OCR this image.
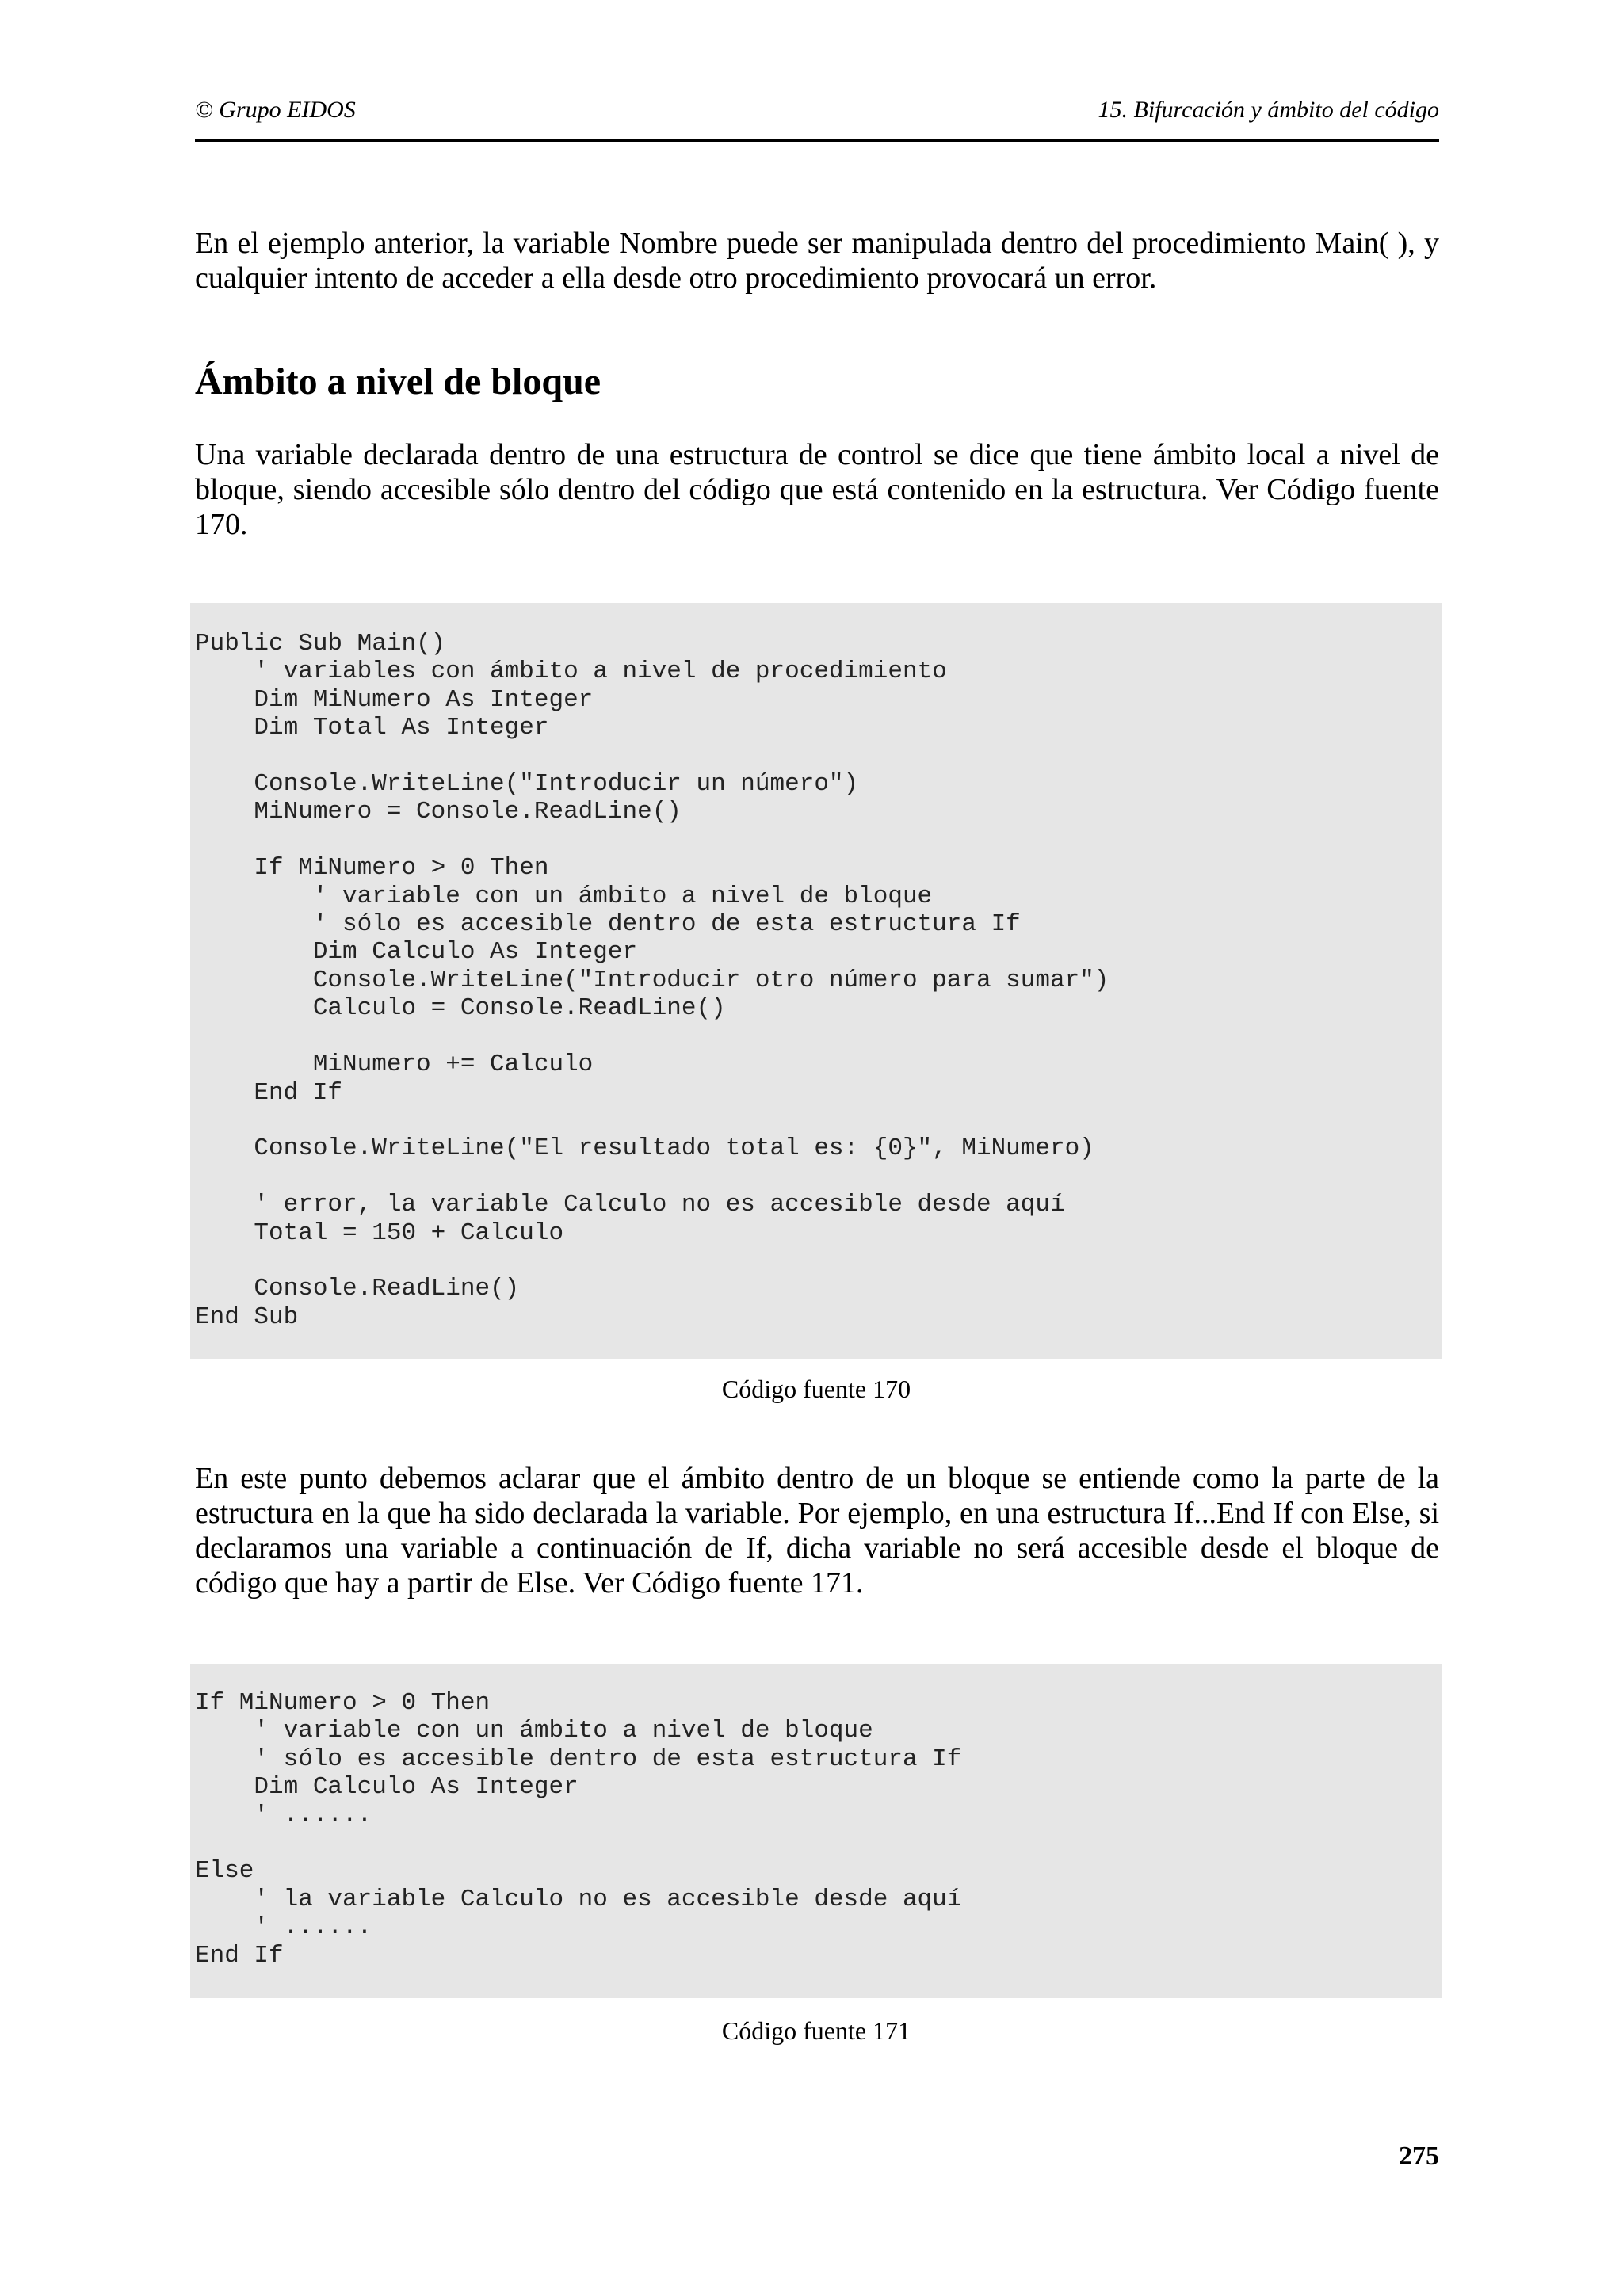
© Grupo EIDOS	15. Bifurcación y ámbito del código

En el ejemplo anterior, la variable Nombre puede ser manipulada dentro del procedimiento Main( ), y cualquier intento de acceder a ella desde otro procedimiento provocará un error.

Ámbito a nivel de bloque

Una variable declarada dentro de una estructura de control se dice que tiene ámbito local a nivel de bloque, siendo accesible sólo dentro del código que está contenido en la estructura. Ver Código fuente 170.

Public Sub Main()
' variables con ámbito a nivel de procedimiento
Dim MiNumero As Integer
Dim Total As Integer

Console.WriteLine("Introducir un número")
MiNumero = Console.ReadLine()

If MiNumero > 0 Then
' variable con un ámbito a nivel de bloque
' sólo es accesible dentro de esta estructura If
Dim Calculo As Integer
Console.WriteLine("Introducir otro número para sumar")
Calculo = Console.ReadLine()

MiNumero += Calculo
End If

Console.WriteLine("El resultado total es: {0}", MiNumero)

' error, la variable Calculo no es accesible desde aquí
Total = 150 + Calculo

Console.ReadLine()
End Sub
Código fuente 170

En este punto debemos aclarar que el ámbito dentro de un bloque se entiende como la parte de la estructura en la que ha sido declarada la variable. Por ejemplo, en una estructura If...End If con Else, si declaramos una variable a continuación de If, dicha variable no será accesible desde el bloque de código que hay a partir de Else. Ver Código fuente 171.

If MiNumero > 0 Then
' variable con un ámbito a nivel de bloque
' sólo es accesible dentro de esta estructura If
Dim Calculo As Integer
' ......

Else
' la variable Calculo no es accesible desde aquí
' ......
End If
Código fuente 171
275
